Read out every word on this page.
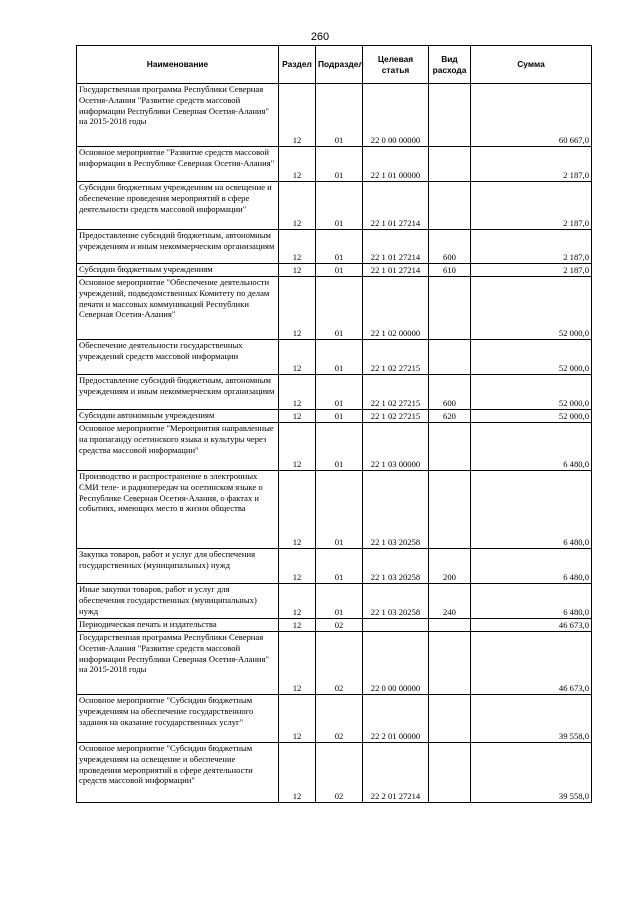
260
Наименование	Раздел	Подраздел	Целевая статья	Вид расхода	Сумма
Государственная программа Республики Северная Осетия-Алания "Развитие средств массовой информации Республики Северная Осетия-Алания" на 2015-2018 годы	12	01	22 0 00 00000		60 667,0
Основное мероприятие "Развитие средств массовой информации в Республике Северная Осетия-Алания"	12	01	22 1 01 00000		2 187,0
Субсидии бюджетным учреждениям на освещение и обеспечение проведения мероприятий в сфере деятельности средств массовой информации"	12	01	22 1 01 27214		2 187,0
Предоставление субсидий бюджетным, автономным учреждениям и иным некоммерческим организациям	12	01	22 1 01 27214	600	2 187,0
Субсидии бюджетным учреждениям	12	01	22 1 01 27214	610	2 187,0
Основное мероприятие "Обеспечение деятельности учреждений, подведомственных Комитету по делам печати и массовых коммуникаций Республики Северная Осетия-Алания"	12	01	22 1 02 00000		52 000,0
Обеспечение деятельности государственных учреждений средств массовой информации	12	01	22 1 02 27215		52 000,0
Предоставление субсидий бюджетным, автономным учреждениям и иным некоммерческим организациям	12	01	22 1 02 27215	600	52 000,0
Субсидии автономным учреждениям	12	01	22 1 02 27215	620	52 000,0
Основное мероприятие "Мероприятия направленные на пропаганду осетинского языка и культуры через средства массовой информации"	12	01	22 1 03 00000		6 480,0
Производство и распространение в электронных СМИ теле- и радиопередач на осетинском языке о Республике Северная Осетия-Алания, о фактах и событиях, имеющих место в жизни общества	12	01	22 1 03 20258		6 480,0
Закупка товаров, работ и услуг для обеспечения государственных (муниципальных) нужд	12	01	22 1 03 20258	200	6 480,0
Иные закупки товаров, работ и услуг для обеспечения государственных (муниципальных) нужд	12	01	22 1 03 20258	240	6 480,0
Периодическая печать и издательства	12	02			46 673,0
Государственная программа Республики Северная Осетия-Алания "Развитие средств массовой информации Республики Северная Осетия-Алания" на 2015-2018 годы	12	02	22 0 00 00000		46 673,0
Основное мероприятие "Субсидии бюджетным учреждениям на обеспечение государственного задания на оказание государственных услуг"	12	02	22 2 01 00000		39 558,0
Основное мероприятие "Субсидии бюджетным учреждениям на освещение и обеспечение проведения мероприятий в сфере деятельности средств массовой информации"	12	02	22 2 01 27214		39 558,0
